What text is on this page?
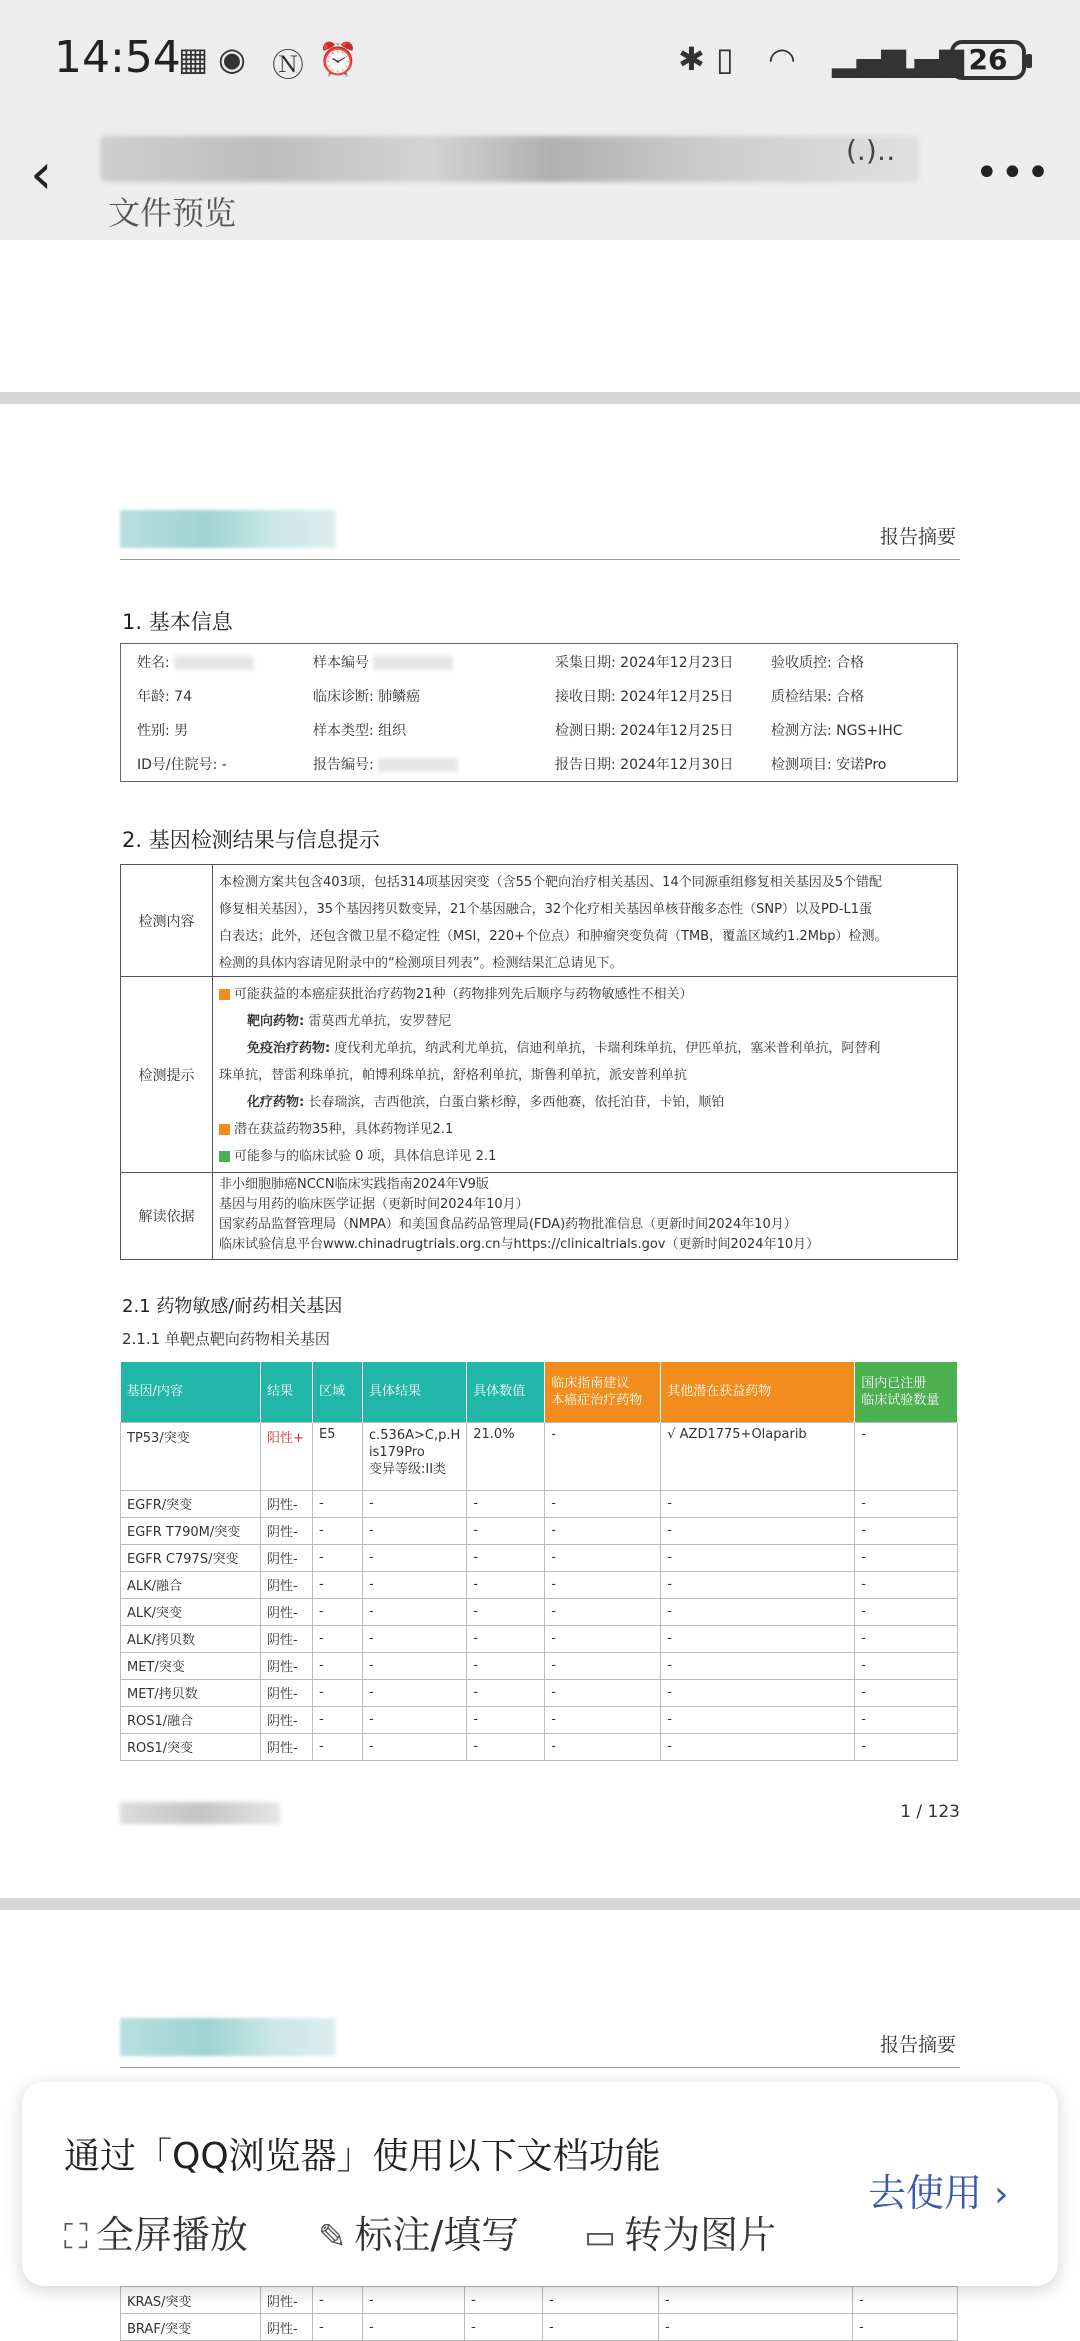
14:54
▦ ◉ Ⓝ ⏰	✱ ▯ ◠ ▂▄▆
▂▄▆ 26
‹	(.)‥
文件预览
•••
报告摘要
1. 基本信息
姓名:	样本编号	采集日期: 2024年12月23日	验收质控: 合格
年龄: 74	临床诊断: 肺鳞癌	接收日期: 2024年12月25日	质检结果: 合格
性别: 男	样本类型: 组织	检测日期: 2024年12月25日	检测方法: NGS+IHC
ID号/住院号: -	报告编号:	报告日期: 2024年12月30日	检测项目: 安诺Pro
2. 基因检测结果与信息提示
检测内容
本检测方案共包含403项，包括314项基因突变（含55个靶向治疗相关基因、14个同源重组修复相关基因及5个错配
修复相关基因），35个基因拷贝数变异，21个基因融合，32个化疗相关基因单核苷酸多态性（SNP）以及PD-L1蛋
白表达；此外，还包含微卫星不稳定性（MSI，220+个位点）和肿瘤突变负荷（TMB，覆盖区域约1.2Mbp）检测。
检测的具体内容请见附录中的“检测项目列表”。检测结果汇总请见下。
检测提示
可能获益的本癌症获批治疗药物21种（药物排列先后顺序与药物敏感性不相关）
靶向药物: 雷莫西尤单抗，安罗替尼
免疫治疗药物: 度伐利尤单抗，纳武利尤单抗，信迪利单抗，卡瑞利珠单抗，伊匹单抗，塞米普利单抗，阿替利
珠单抗，替雷利珠单抗，帕博利珠单抗，舒格利单抗，斯鲁利单抗，派安普利单抗
化疗药物: 长春瑞滨，吉西他滨，白蛋白紫杉醇，多西他赛，依托泊苷，卡铂，顺铂
潜在获益药物35种，具体药物详见2.1
可能参与的临床试验 0 项，具体信息详见 2.1
解读依据
非小细胞肺癌NCCN临床实践指南2024年V9版
基因与用药的临床医学证据（更新时间2024年10月）
国家药品监督管理局（NMPA）和美国食品药品管理局(FDA)药物批准信息（更新时间2024年10月）
临床试验信息平台www.chinadrugtrials.org.cn与https://clinicaltrials.gov（更新时间2024年10月）
2.1 药物敏感/耐药相关基因
2.1.1 单靶点靶向药物相关基因
基因/内容	结果	区域	具体结果	具体数值	临床指南建议
本癌症治疗药物	其他潜在获益药物	国内已注册
临床试验数量
TP53/突变	阳性+	E5	c.536A>C,p.H
is179Pro
变异等级:II类	21.0%	-	√ AZD1775+Olaparib	-
EGFR/突变	阴性-	-	-	-	-	-	-
EGFR T790M/突变	阴性-	-	-	-	-	-	-
EGFR C797S/突变	阴性-	-	-	-	-	-	-
ALK/融合	阴性-	-	-	-	-	-	-
ALK/突变	阴性-	-	-	-	-	-	-
ALK/拷贝数	阴性-	-	-	-	-	-	-
MET/突变	阴性-	-	-	-	-	-	-
MET/拷贝数	阴性-	-	-	-	-	-	-
ROS1/融合	阴性-	-	-	-	-	-	-
ROS1/突变	阴性-	-	-	-	-	-	-
1 / 123
报告摘要
KRAS/突变	阴性-	-	-	-	-	-	-
BRAF/突变	阴性-	-	-	-	-	-	-
通过「QQ浏览器」使用以下文档功能
⛶ 全屏播放 ✎ 标注/填写 ▭ 转为图片
去使用 ›
